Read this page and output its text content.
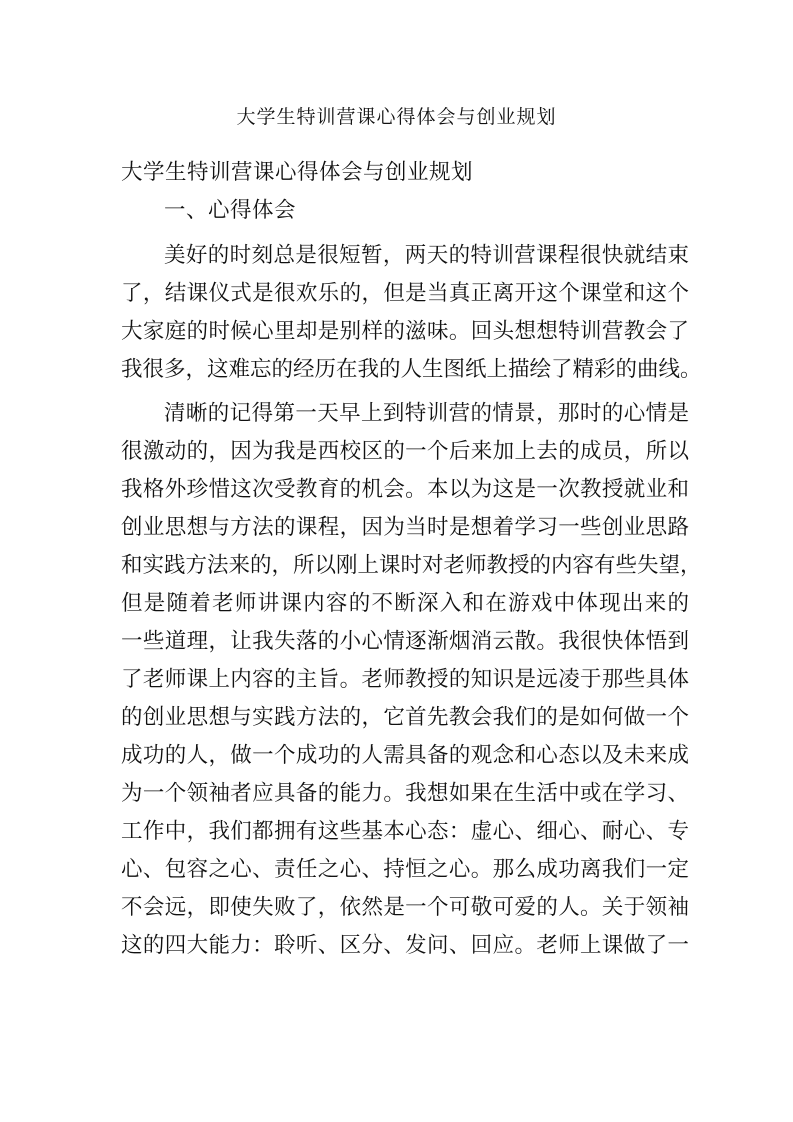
大学生特训营课心得体会与创业规划
大学生特训营课心得体会与创业规划
一、心得体会
美好的时刻总是很短暂，两天的特训营课程很快就结束
了，结课仪式是很欢乐的，但是当真正离开这个课堂和这个
大家庭的时候心里却是别样的滋味。回头想想特训营教会了
我很多，这难忘的经历在我的人生图纸上描绘了精彩的曲线。
清晰的记得第一天早上到特训营的情景，那时的心情是
很激动的，因为我是西校区的一个后来加上去的成员，所以
我格外珍惜这次受教育的机会。本以为这是一次教授就业和
创业思想与方法的课程，因为当时是想着学习一些创业思路
和实践方法来的，所以刚上课时对老师教授的内容有些失望，
但是随着老师讲课内容的不断深入和在游戏中体现出来的
一些道理，让我失落的小心情逐渐烟消云散。我很快体悟到
了老师课上内容的主旨。老师教授的知识是远凌于那些具体
的创业思想与实践方法的，它首先教会我们的是如何做一个
成功的人，做一个成功的人需具备的观念和心态以及未来成
为一个领袖者应具备的能力。我想如果在生活中或在学习、
工作中，我们都拥有这些基本心态：虚心、细心、耐心、专
心、包容之心、责任之心、持恒之心。那么成功离我们一定
不会远，即使失败了，依然是一个可敬可爱的人。关于领袖
这的四大能力：聆听、区分、发问、回应。老师上课做了一
